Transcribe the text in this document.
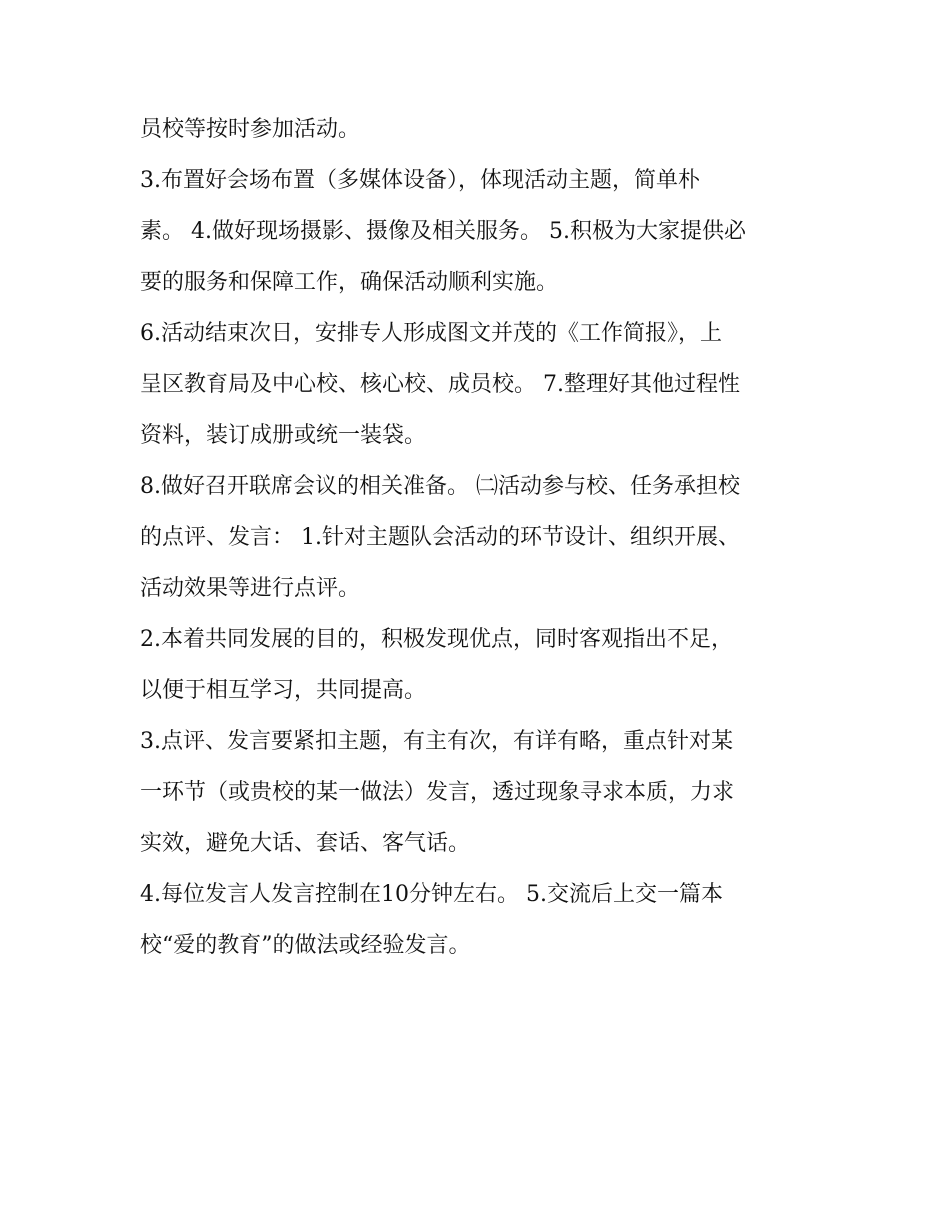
员校等按时参加活动。
3.布置好会场布置（多媒体设备），体现活动主题，简单朴
素。 4.做好现场摄影、摄像及相关服务。 5.积极为大家提供必
要的服务和保障工作，确保活动顺利实施。
6.活动结束次日，安排专人形成图文并茂的《工作简报》，上
呈区教育局及中心校、核心校、成员校。 7.整理好其他过程性
资料，装订成册或统一装袋。
8.做好召开联席会议的相关准备。 ㈡活动参与校、任务承担校
的点评、发言： 1.针对主题队会活动的环节设计、组织开展、
活动效果等进行点评。
2.本着共同发展的目的，积极发现优点，同时客观指出不足，
以便于相互学习，共同提高。
3.点评、发言要紧扣主题，有主有次，有详有略，重点针对某
一环节（或贵校的某一做法）发言，透过现象寻求本质，力求
实效，避免大话、套话、客气话。
4.每位发言人发言控制在10分钟左右。 5.交流后上交一篇本
校“爱的教育”的做法或经验发言。
